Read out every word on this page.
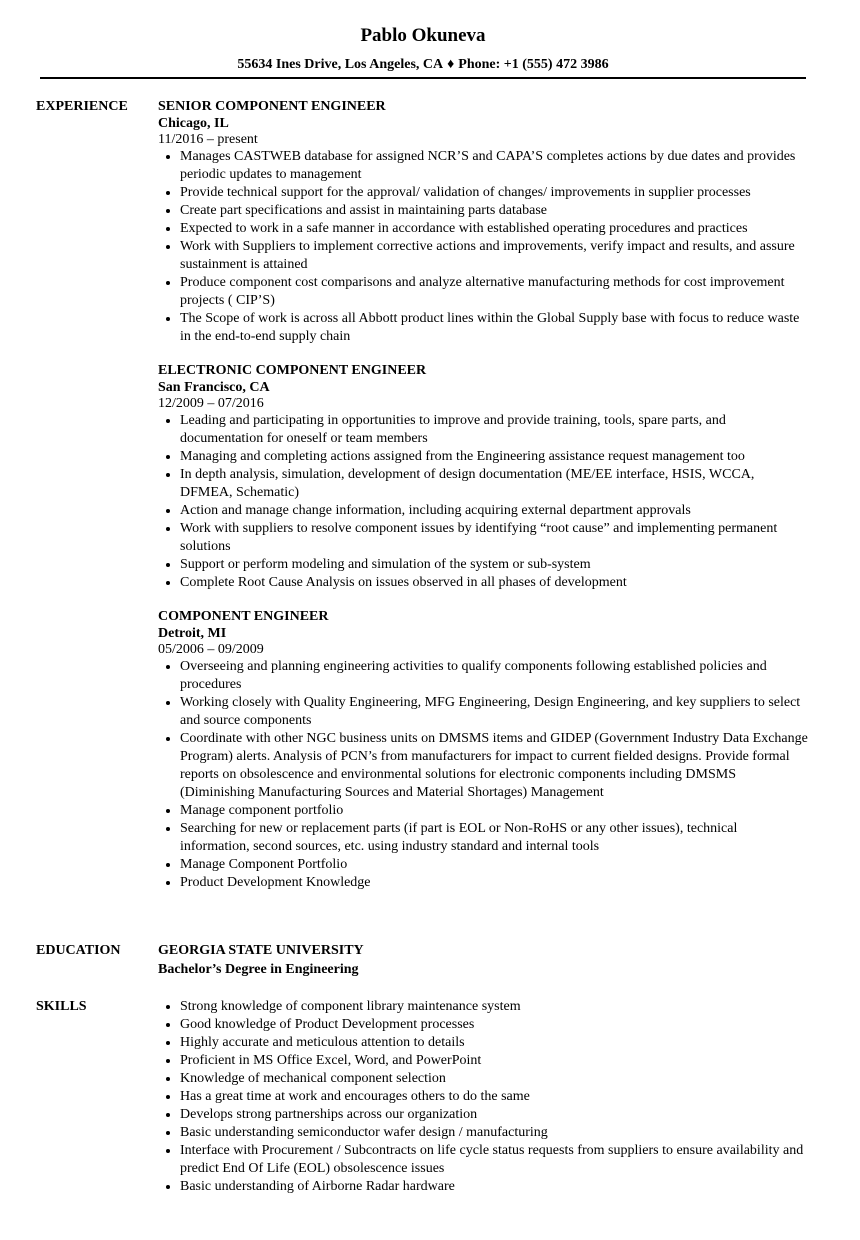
Pablo Okuneva
55634 Ines Drive, Los Angeles, CA ♦ Phone: +1 (555) 472 3986
EXPERIENCE SENIOR COMPONENT ENGINEER
Chicago, IL
11/2016 – present
• Manages CASTWEB database for assigned NCR’S and CAPA’S completes actions by due dates and provides periodic updates to management
• Provide technical support for the approval/ validation of changes/ improvements in supplier processes
• Create part specifications and assist in maintaining parts database
• Expected to work in a safe manner in accordance with established operating procedures and practices
• Work with Suppliers to implement corrective actions and improvements, verify impact and results, and assure sustainment is attained
• Produce component cost comparisons and analyze alternative manufacturing methods for cost improvement projects ( CIP’S)
• The Scope of work is across all Abbott product lines within the Global Supply base with focus to reduce waste in the end-to-end supply chain
ELECTRONIC COMPONENT ENGINEER
San Francisco, CA
12/2009 – 07/2016
• Leading and participating in opportunities to improve and provide training, tools, spare parts, and documentation for oneself or team members
• Managing and completing actions assigned from the Engineering assistance request management too
• In depth analysis, simulation, development of design documentation (ME/EE interface, HSIS, WCCA, DFMEA, Schematic)
• Action and manage change information, including acquiring external department approvals
• Work with suppliers to resolve component issues by identifying “root cause” and implementing permanent solutions
• Support or perform modeling and simulation of the system or sub-system
• Complete Root Cause Analysis on issues observed in all phases of development
COMPONENT ENGINEER
Detroit, MI
05/2006 – 09/2009
• Overseeing and planning engineering activities to qualify components following established policies and procedures
• Working closely with Quality Engineering, MFG Engineering, Design Engineering, and key suppliers to select and source components
• Coordinate with other NGC business units on DMSMS items and GIDEP (Government Industry Data Exchange Program) alerts. Analysis of PCN’s from manufacturers for impact to current fielded designs. Provide formal reports on obsolescence and environmental solutions for electronic components including DMSMS (Diminishing Manufacturing Sources and Material Shortages) Management
• Manage component portfolio
• Searching for new or replacement parts (if part is EOL or Non-RoHS or any other issues), technical information, second sources, etc. using industry standard and internal tools
• Manage Component Portfolio
• Product Development Knowledge
EDUCATION	GEORGIA STATE UNIVERSITY
Bachelor’s Degree in Engineering
SKILLS
•	Strong knowledge of component library maintenance system
• Good knowledge of Product Development processes
• Highly accurate and meticulous attention to details
• Proficient in MS Office Excel, Word, and PowerPoint
• Knowledge of mechanical component selection
• Has a great time at work and encourages others to do the same
• Develops strong partnerships across our organization
• Basic understanding semiconductor wafer design / manufacturing
• Interface with Procurement / Subcontracts on life cycle status requests from suppliers to ensure availability and predict End Of Life (EOL) obsolescence issues
• Basic understanding of Airborne Radar hardware
